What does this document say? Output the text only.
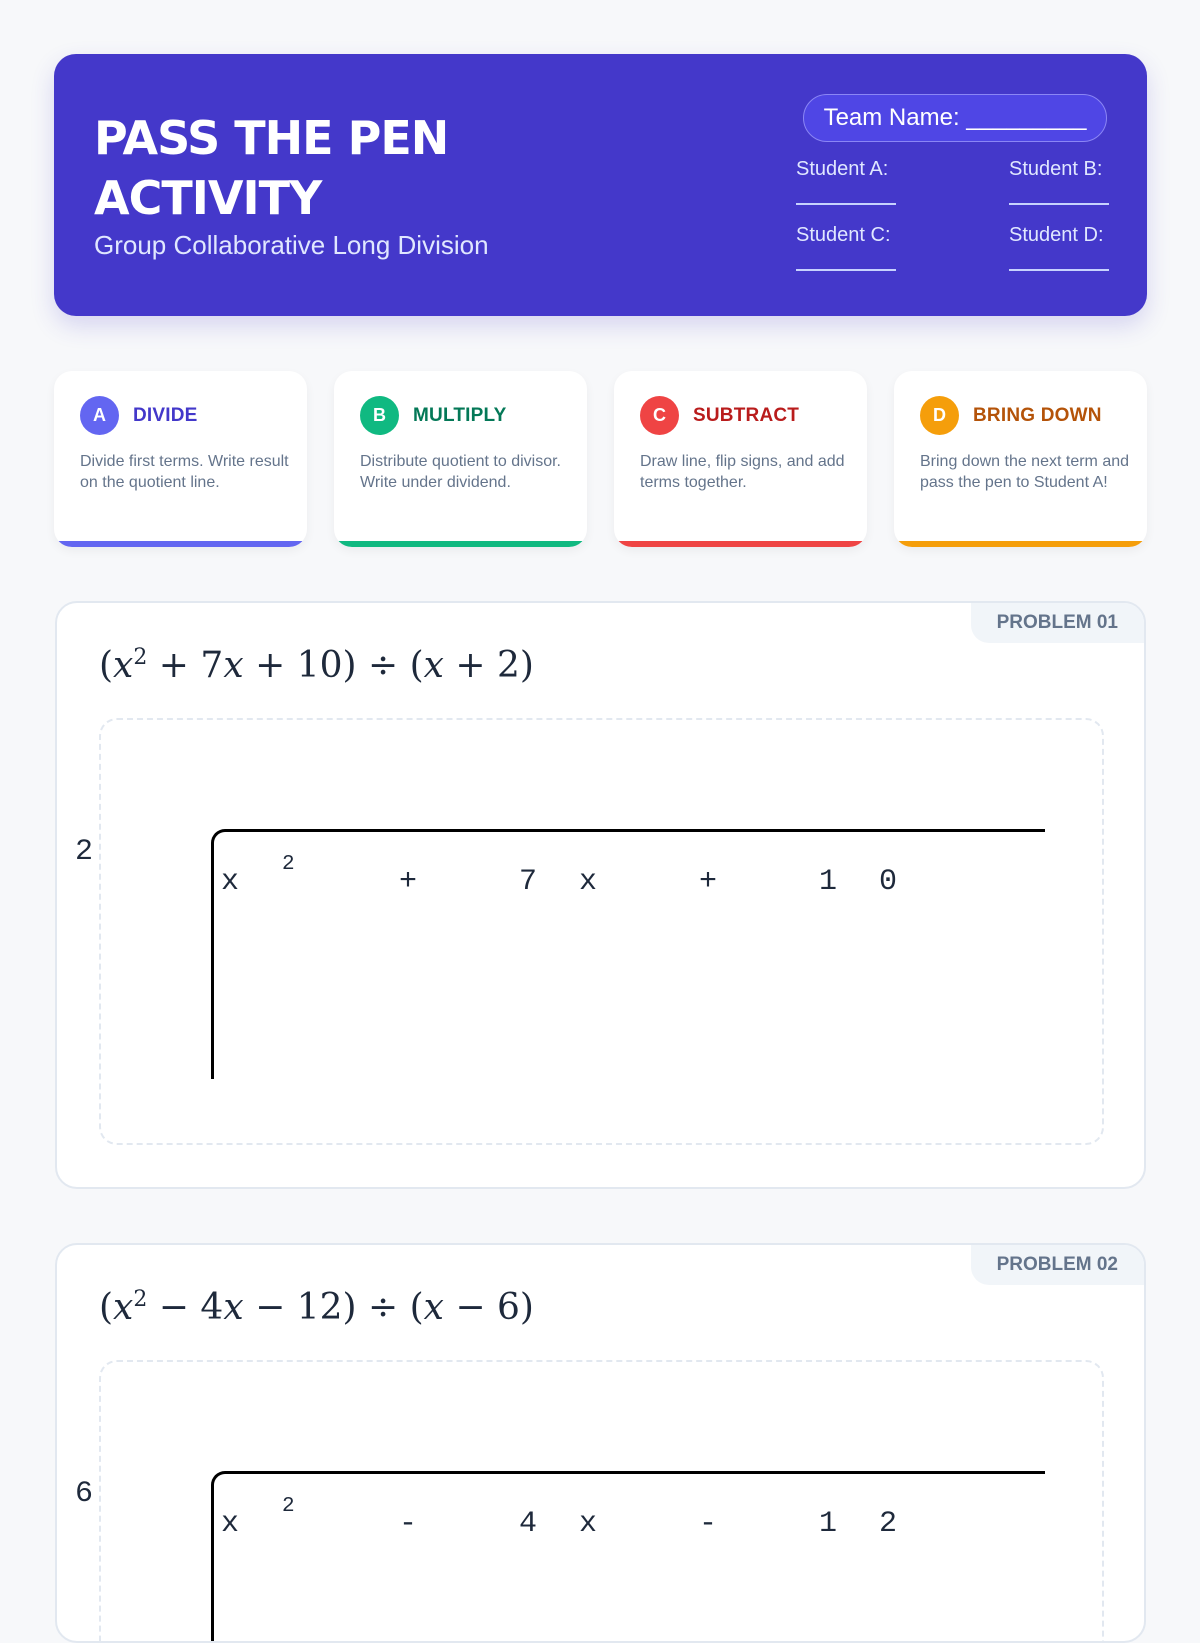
PASS THE PEN ACTIVITY
Group Collaborative Long Division
Team Name: _________
Student A:	Student B:
Student C:	Student D:
A	DIVIDE
Divide first terms. Write result on the quotient line.
B	MULTIPLY
Distribute quotient to divisor. Write under dividend.
C	SUBTRACT
Draw line, flip signs, and add terms together.
D	BRING DOWN
Bring down the next term and pass the pen to Student A!
PROBLEM 01
$(x^2 + 7x + 10) \div (x + 2)$
2
x
2
+	7 x	+	1 0
PROBLEM 02
$(x^2 - 4x - 12) \div (x - 6)$
6
x
2
-	4 x	-	1 2
